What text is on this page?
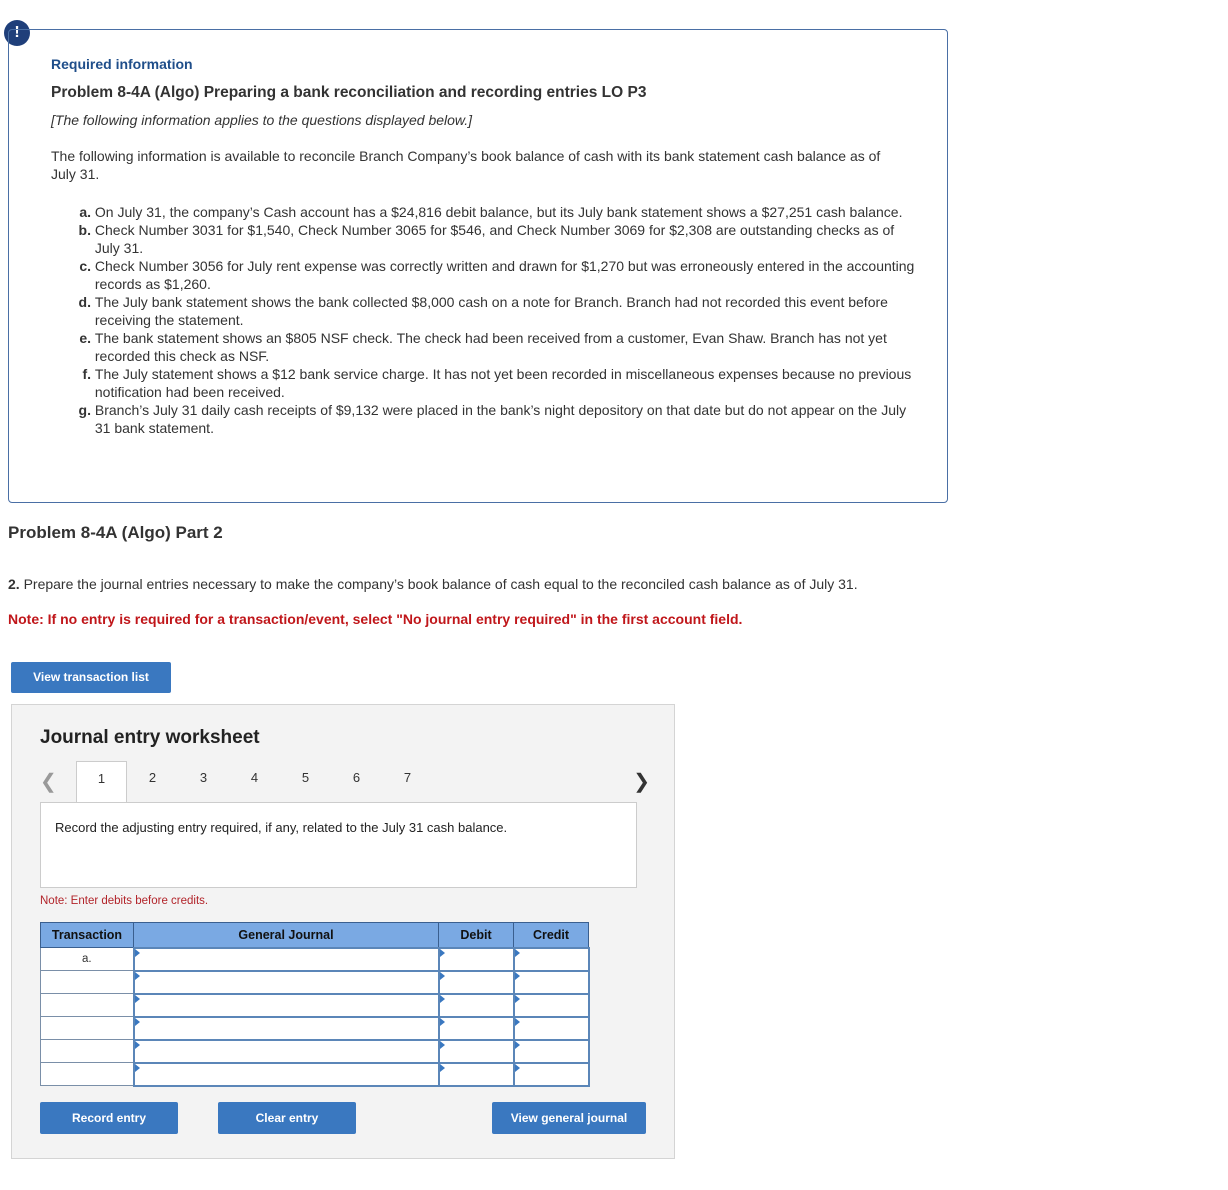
!
Required information
Problem 8-4A (Algo) Preparing a bank reconciliation and recording entries LO P3
[The following information applies to the questions displayed below.]
The following information is available to reconcile Branch Company’s book balance of cash with its bank statement cash balance as of July 31.
a.
On July 31, the company’s Cash account has a $24,816 debit balance, but its July bank statement shows a $27,251 cash balance.
b.
Check Number 3031 for $1,540, Check Number 3065 for $546, and Check Number 3069 for $2,308 are outstanding checks as of July 31.
c.
Check Number 3056 for July rent expense was correctly written and drawn for $1,270 but was erroneously entered in the accounting records as $1,260.
d.
The July bank statement shows the bank collected $8,000 cash on a note for Branch. Branch had not recorded this event before receiving the statement.
e.
The bank statement shows an $805 NSF check. The check had been received from a customer, Evan Shaw. Branch has not yet recorded this check as NSF.
f.
The July statement shows a $12 bank service charge. It has not yet been recorded in miscellaneous expenses because no previous notification had been received.
g.
Branch’s July 31 daily cash receipts of $9,132 were placed in the bank’s night depository on that date but do not appear on the July 31 bank statement.
Problem 8-4A (Algo) Part 2
2. Prepare the journal entries necessary to make the company’s book balance of cash equal to the reconciled cash balance as of July 31.
Note: If no entry is required for a transaction/event, select "No journal entry required" in the first account field.
View transaction list
Journal entry worksheet
❮	1	2	3	4	5	6	7	❯
Record the adjusting entry required, if any, related to the July 31 cash balance.
Note: Enter debits before credits.
Transaction	General Journal	Debit	Credit
a.			

Record entry	Clear entry	View general journal
